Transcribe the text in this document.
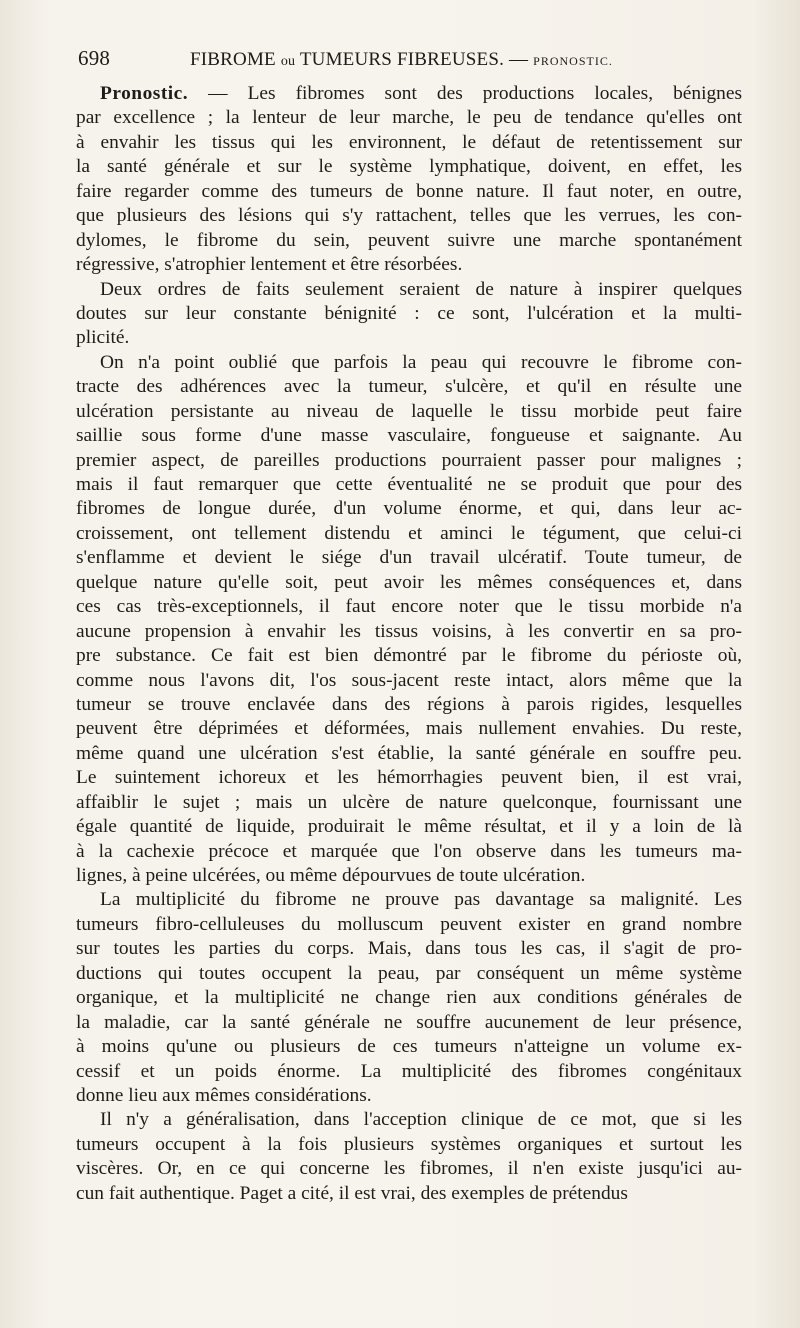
698	FIBROME ou TUMEURS FIBREUSES. — PRONOSTIC.
Pronostic. — Les fibromes sont des productions locales, bénignes
par excellence ; la lenteur de leur marche, le peu de tendance qu'elles ont
à envahir les tissus qui les environnent, le défaut de retentissement sur
la santé générale et sur le système lymphatique, doivent, en effet, les
faire regarder comme des tumeurs de bonne nature. Il faut noter, en outre,
que plusieurs des lésions qui s'y rattachent, telles que les verrues, les con-
dylomes, le fibrome du sein, peuvent suivre une marche spontanément
régressive, s'atrophier lentement et être résorbées.
Deux ordres de faits seulement seraient de nature à inspirer quelques
doutes sur leur constante bénignité : ce sont, l'ulcération et la multi-
plicité.
On n'a point oublié que parfois la peau qui recouvre le fibrome con-
tracte des adhérences avec la tumeur, s'ulcère, et qu'il en résulte une
ulcération persistante au niveau de laquelle le tissu morbide peut faire
saillie sous forme d'une masse vasculaire, fongueuse et saignante. Au
premier aspect, de pareilles productions pourraient passer pour malignes ;
mais il faut remarquer que cette éventualité ne se produit que pour des
fibromes de longue durée, d'un volume énorme, et qui, dans leur ac-
croissement, ont tellement distendu et aminci le tégument, que celui-ci
s'enflamme et devient le siége d'un travail ulcératif. Toute tumeur, de
quelque nature qu'elle soit, peut avoir les mêmes conséquences et, dans
ces cas très-exceptionnels, il faut encore noter que le tissu morbide n'a
aucune propension à envahir les tissus voisins, à les convertir en sa pro-
pre substance. Ce fait est bien démontré par le fibrome du périoste où,
comme nous l'avons dit, l'os sous-jacent reste intact, alors même que la
tumeur se trouve enclavée dans des régions à parois rigides, lesquelles
peuvent être déprimées et déformées, mais nullement envahies. Du reste,
même quand une ulcération s'est établie, la santé générale en souffre peu.
Le suintement ichoreux et les hémorrhagies peuvent bien, il est vrai,
affaiblir le sujet ; mais un ulcère de nature quelconque, fournissant une
égale quantité de liquide, produirait le même résultat, et il y a loin de là
à la cachexie précoce et marquée que l'on observe dans les tumeurs ma-
lignes, à peine ulcérées, ou même dépourvues de toute ulcération.
La multiplicité du fibrome ne prouve pas davantage sa malignité. Les
tumeurs fibro-celluleuses du molluscum peuvent exister en grand nombre
sur toutes les parties du corps. Mais, dans tous les cas, il s'agit de pro-
ductions qui toutes occupent la peau, par conséquent un même système
organique, et la multiplicité ne change rien aux conditions générales de
la maladie, car la santé générale ne souffre aucunement de leur présence,
à moins qu'une ou plusieurs de ces tumeurs n'atteigne un volume ex-
cessif et un poids énorme. La multiplicité des fibromes congénitaux
donne lieu aux mêmes considérations.
Il n'y a généralisation, dans l'acception clinique de ce mot, que si les
tumeurs occupent à la fois plusieurs systèmes organiques et surtout les
viscères. Or, en ce qui concerne les fibromes, il n'en existe jusqu'ici au-
cun fait authentique. Paget a cité, il est vrai, des exemples de prétendus
